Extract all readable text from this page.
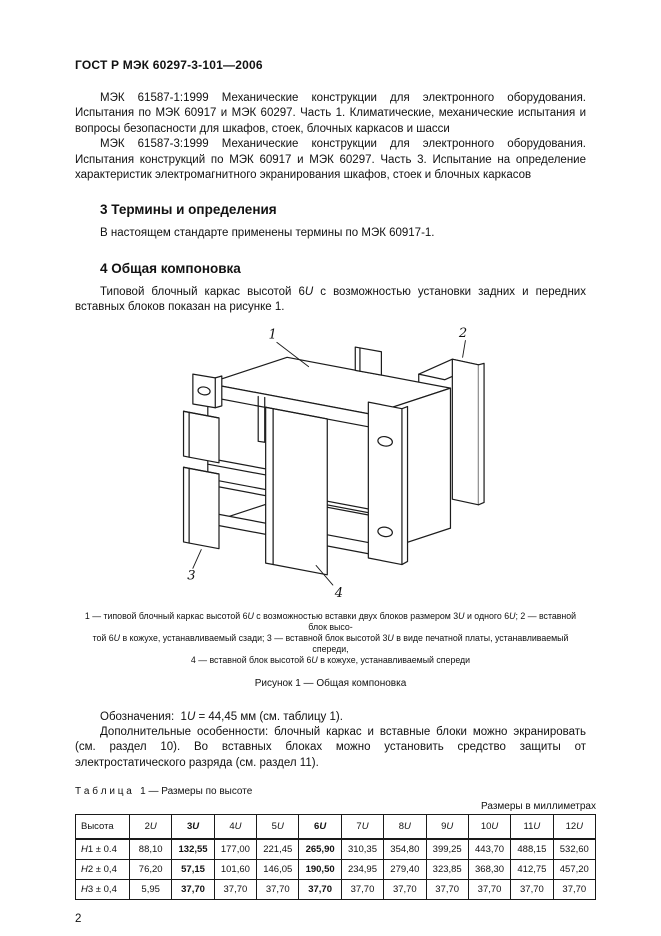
ГОСТ Р МЭК 60297-3-101—2006

МЭК 61587-1:1999 Механические конструкции для электронного оборудования. Испытания по МЭК 60917 и МЭК 60297. Часть 1. Климатические, механические испытания и вопросы безопасности для шкафов, стоек, блочных каркасов и шасси

МЭК 61587-3:1999 Механические конструкции для электронного оборудования. Испытания конструкций по МЭК 60917 и МЭК 60297. Часть 3. Испытание на определение характеристик электромагнитного экранирования шкафов, стоек и блочных каркасов

3 Термины и определения

В настоящем стандарте применены термины по МЭК 60917-1.

4 Общая компоновка

Типовой блочный каркас высотой 6U с возможностью установки задних и передних вставных блоков показан на рисунке 1.

1	2
3
4
1 — типовой блочный каркас высотой 6U с возможностью вставки двух блоков размером 3U и одного 6U; 2 — вставной блок высо-
той 6U в кожухе, устанавливаемый сзади; 3 — вставной блок высотой 3U в виде печатной платы, устанавливаемый спереди,
4 — вставной блок высотой 6U в кожухе, устанавливаемый спереди
Рисунок 1 — Общая компоновка

Обозначения:  1U = 44,45 мм (см. таблицу 1).

Дополнительные особенности: блочный каркас и вставные блоки можно экранировать (см. раздел 10). Во вставных блоках можно установить средство защиты от электростатического разряда (см. раздел 11).

Т а б л и ц а   1 — Размеры по высоте
Размеры в миллиметрах
Высота	2U	3U	4U	5U	6U	7U	8U	9U	10U	11U	12U
H1 ± 0.4	88,10	132,55	177,00	221,45	265,90	310,35	354,80	399,25	443,70	488,15	532,60
H2 ± 0,4	76,20	57,15	101,60	146,05	190,50	234,95	279,40	323,85	368,30	412,75	457,20
H3 ± 0,4	5,95	37,70	37,70	37,70	37,70	37,70	37,70	37,70	37,70	37,70	37,70
2
